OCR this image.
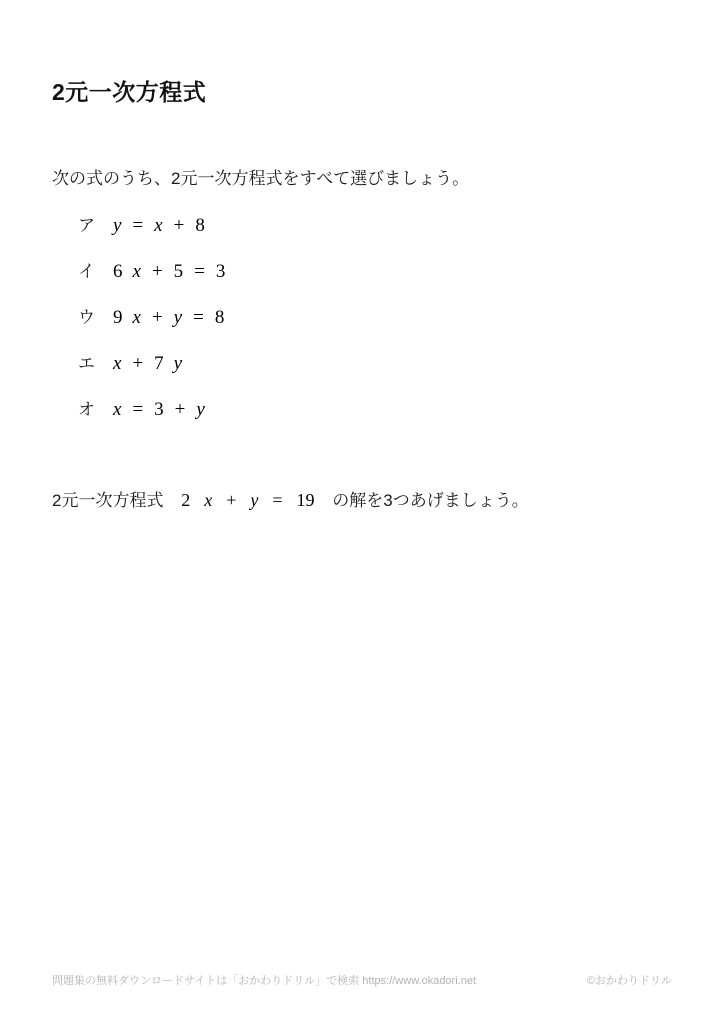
2元一次方程式

次の式のうち、2元一次方程式をすべて選びましょう。

ア y = x + 8
イ 6 x + 5 = 3
ウ 9 x + y = 8
エ x + 7 y
オ x = 3 + y

2元一次方程式 2 x + y = 19 の解を3つあげましょう。

問題集の無料ダウンロードサイトは「おかわりドリル」で検索 https://www.okadori.net	©おかわりドリル
